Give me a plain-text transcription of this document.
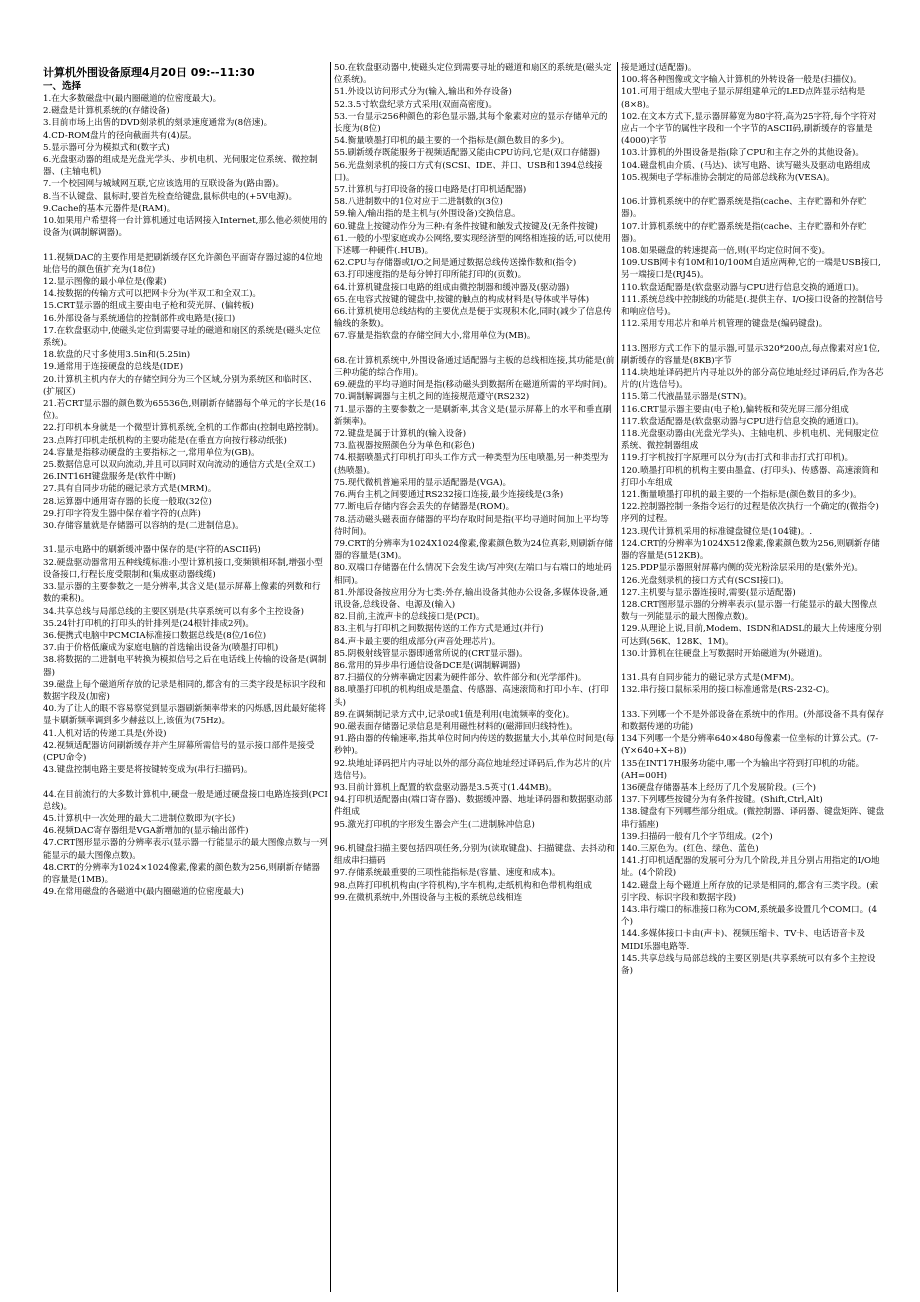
计算机外围设备原理4月20日 09:--11:30
一、选择
1.在大多数磁盘中(最内圈磁道的位密度最大)。
2.磁盘是计算机系统的(存储设备)
3.目前市场上出售的DVD刻录机的刻录速度通常为(8倍速)。
4.CD-ROM盘片的径向截面共有(4)层。
5.显示器可分为模拟式和(数字式)
6.光盘驱动器的组成是光盘光学头、步机电机、光伺服定位系统、微控制器、(主轴电机)
7.一个校园网与城域网互联,它应该选用的互联设备为(路由器)。
8.当不认键盘、鼠标时,要首先检查给键盘,鼠标供电的(+5V电源)。
9.Cache的基本元器件是(RAM)。
10.如果用户希望将一台计算机通过电话网接入Internet,那么他必须使用的设备为(调制解调器)。
11.视频DAC的主要作用是把刷新缓存区允许颜色平面寄存器过滤的4位地址信号的颜色值扩充为(18位)
12.显示图像的最小单位是(像素)
14.按数据的传输方式可以把网卡分为(半双工和全双工)。
15.CRT显示器的组成主要由电子枪和荧光屏、(偏转板)
16.外部设备与系统通信的控制部件或电路是(接口)
17.在软盘驱动中,使磁头定位到需要寻址的磁道和扇区的系统是(磁头定位系统)。
18.软盘的尺寸多使用3.5in和(5.25in)
19.通常用于连接硬盘的总线是(IDE)
20.计算机主机内存大的存储空间分为三个区域,分别为系统区和临时区、(扩展区)
21.若CRT显示器的颜色数为65536色,则刷新存储器每个单元的字长是(16位)。
22.打印机本身就是一个微型计算机系统,全机的工作都由(控制电路控制)。
23.点阵打印机走纸机构的主要功能是(在垂直方向按行移动纸张)
24.容量是指移动硬盘的主要指标之一,常用单位为(GB)。
25.数据信息可以双向流动,并且可以同时双向流动的通信方式是(全双工)
26.INT16H键盘服务是(软件中断)
27.具有自同步功能的磁记录方式是(MRM)。
28.运算器中通用寄存器的长度一般取(32位)
29.打印字符发生器中保存着字符的(点阵)
30.存储容量就是存储器可以容纳的是(二进制信息)。
31.显示电路中的刷新缓冲器中保存的是(字符的ASCII码)
32.硬盘驱动器常用五种线缆标准:小型计算机接口,变频锁相环制,增强小型设备接口,行程长度受限制和(集成驱动器线缆)
33.显示器的主要参数之一是分辨率,其含义是(显示屏幕上像素的列数和行数的乘积)。
34.共享总线与局部总线的主要区别是(共享系统可以有多个主控设备)
35.24针打印机的打印头的针排列是(24根针排成2列)。
36.便携式电脑中PCMCIA标准接口数据总线是(8位/16位)
37.由于价格低廉成为家庭电脑的首选输出设备为(喷墨打印机)
38.将数据的二进制电平转换为模拟信号之后在电话线上传输的设备是(调制器)
39.磁盘上每个磁道所存放的记录是相同的,都含有的三类字段是标识字段和数据字段及(加密)
40.为了让人的眼不容易察觉到显示器刷新频率带来的闪烁感,因此最好能将显卡刷新频率调到多少赫兹以上,该值为(75Hz)。
41.人机对话的传递工具是(外设)
42.视频适配器访问刷新缓存并产生屏幕所需信号的显示接口部件是接受(CPU命令)
43.键盘控制电路主要是将按键转变成为(串行扫描码)。
44.在目前流行的大多数计算机中,硬盘一般是通过硬盘接口电路连接到(PCI总线)。
45.计算机中一次处理的最大二进制位数即为(字长)
46.视频DAC寄存器组是VGA新增加的(显示输出部件)
47.CRT图形显示器的分辨率表示(显示器一行能显示的最大图像点数与一列能显示的最大图像点数)。
48.CRT的分辨率为1024×1024像素,像素的颜色数为256,则刷新存储器的容量是(1MB)。
49.在常用磁盘的各磁道中(最内圈磁道的位密度最大)
50.在软盘驱动器中,使磁头定位到需要寻址的磁道和扇区的系统是(磁头定位系统)。
51.外设以访问形式分为(输入,输出和外存设备)
52.3.5寸软盘纪录方式采用(双面高密度)。
53.一台显示256种颜色的彩色显示器,其每个象素对应的显示存储单元的长度为(8位)
54.衡量喷墨打印机的最主要的一个指标是(颜色数目的多少)。
55.刷新缓存既能服务于视频适配器又能由CPU访问,它是(双口存储器)
56.光盘刻录机的接口方式有(SCSI、IDE、并口、USB和1394总线接口)。
57.计算机与打印设备的接口电路是(打印机适配器)
58.八进制数中的1位对应于二进制数的(3位)
59.输入/输出指的是主机与(外围设备)交换信息。
60.键盘上按键动作分为三种:有条件按键和触发式按键及(无条件按键)
61.一般的小型家庭或办公网络,要实现经济型的网络相连接的话,可以使用下述哪一种硬件(.HUB)。
62.CPU与存储器或I/O之间是通过数据总线传送操作数和(指令)
63.打印速度指的是每分钟打印所能打印的(页数)。
64.计算机键盘接口电路的组成由微控制器和缓冲器及(驱动器)
65.在电容式按键的键盘中,按键的触点的构成材料是(导体或半导体)
66.计算机使用总线结构的主要优点是便于实现积木化,同时(减少了信息传输线的条数)。
67.容量是指软盘的存储空间大小,常用单位为(MB)。
68.在计算机系统中,外围设备通过适配器与主板的总线相连接,其功能是(前三种功能的综合作用)。
69.硬盘的平均寻道时间是指(移动磁头到数据所在磁道所需的平均时间)。
70.调制解调器与主机之间的连接规范遵守(RS232)
71.显示器的主要参数之一是刷新率,其含义是(显示屏幕上的水平和垂直刷新频率)。
72.键盘是属于计算机的(输入设备)
73.监视器按照颜色分为单色和(彩色)
74.根据喷墨式打印机打印头工作方式一种类型为压电喷墨,另一种类型为(热喷墨)。
75.现代微机普遍采用的显示适配器是(VGA)。
76.两台主机之间要通过RS232接口连接,最少连接线是(3条)
77.断电后存储内容会丢失的存储器是(ROM)。
78.活动磁头磁表面存储器的平均存取时间是指(平均寻道时间加上平均等待时间)。
79.CRT的分辨率为1024X1024像素,像素颜色数为24位真彩,则刷新存储器的容量是(3M)。
80.双端口存储器在什么情况下会发生读/写冲突(左端口与右端口的地址码相同)。
81.外部设备按应用分为七类:外存,输出设备其他办公设备,多媒体设备,通讯设备,总线设备、电源及(输入)
82.目前,主流声卡的总线接口是(PCI)。
83.主机与打印机之间数据传送的工作方式是通过(并行)
84.声卡最主要的组成部分(声音处理芯片)。
85.阴极射线管显示器即通常所说的(CRT显示器)。
86.常用的异步串行通信设备DCE是(调制解调器)
87.扫描仪的分辨率确定因素为硬件部分、软件部分和(光学部件)。
88.喷墨打印机的机构组成是墨盒、传感器、高速滚筒和打印小车、(打印头)
89.在调频制记录方式中,记录0或1值是利用(电流频率的变化)。
90.磁表面存储器记录信息是利用磁性材料的(磁滞回归线特性)。
91.路由器的传输速率,指其单位时间内传送的数据量大小,其单位时间是(每秒钟)。
92.块地址译码把片内寻址以外的部分高位地址经过译码后,作为芯片的(片选信号)。
93.目前计算机上配置的软盘驱动器是3.5英寸(1.44MB)。
94.打印机适配器由(端口寄存器)、数据缓冲器、地址译码器和数据驱动部件组成
95.激光打印机的字形发生器会产生(二进制脉冲信息)
96.机键盘扫描主要包括四项任务,分别为(读取键盘)、扫描键盘、去抖动和组成串扫描码
97.存储系统最重要的三项性能指标是(容量、速度和成本)。
98.点阵打印机机构由(字符机构),字车机构,走纸机构和色带机构组成
99.在微机系统中,外围设备与主板的系统总线相连
接是通过(适配器)。
100.将各种图像或文字输入计算机的外转设备一般是(扫描仪)。
101.可用于组成大型电子显示屏组建单元的LED点阵显示结构是(8×8)。
102.在文本方式下,显示器屏幕宽为80字符,高为25字符,每个字符对应占一个字节的属性字段和一个字节的ASCII码,刷新缓存的容量是(4000)字节
103.计算机的外围设备是指(除了CPU和主存之外的其他设备)。
104.磁盘机由介质、(马达)、读写电路、读写磁头及驱动电路组成
105.视频电子学标准协会制定的局部总线称为(VESA)。
106.计算机系统中的存贮器系统是指(cache、主存贮器和外存贮器)。
107.计算机系统中的存贮器系统是指(cache、主存贮器和外存贮器)。
108.如果磁盘的转速提高一倍,则(平均定位时间不变)。
109.USB网卡有10M和10/100M自适应两种,它的一端是USB接口,另一端接口是(RJ45)。
110.软盘适配器是(软盘驱动器与CPU进行信息交换的通道口)。
111.系统总线中控制线的功能是(.提供主存、I/O接口设备的控制信号和响应信号)。
112.采用专用芯片和单片机管理的键盘是(编码键盘)。
113.图形方式工作下的显示器,可显示320*200点,每点像素对应1位,刷新缓存的容量是(8KB)字节
114.块地址译码把片内寻址以外的部分高位地址经过译码后,作为各芯片的(片选信号)。
115.第二代液晶显示器是(STN)。
116.CRT显示器主要由(电子枪),偏转板和荧光屏三部分组成
117.软盘适配器是(软盘驱动器与CPU进行信息交换的通道口)。
118.光盘驱动器由(光盘光学头)、主轴电机、步机电机、光伺服定位系统、微控制器组成
119.打字机按打字原理可以分为(击打式和非击打式打印机)。
120.喷墨打印机的机构主要由墨盒、(打印头)、传感器、高速滚筒和打印小车组成
121.衡量喷墨打印机的最主要的一个指标是(颜色数目的多少)。
122.控制器控制一条指令运行的过程是依次执行一个确定的(微指令)序列的过程。
123.现代计算机采用的标准键盘键位是(104键)。.
124.CRT的分辨率为1024X512像素,像素颜色数为256,则刷新存储器的容量是(512KB)。
125.PDP显示器照射屏幕内侧的荧光粉涂层采用的是(紫外光)。
126.光盘刻录机的接口方式有(SCSI接口)。
127.主机要与显示器连接时,需要(显示适配器)
128.CRT图形显示器的分辨率表示(显示器一行能显示的最大图像点数与一列能显示的最大图像点数)。
129.从理论上说,目前,Modem、ISDN和ADSL的最大上传速度分别可达到(56K、128K、1M)。
130.计算机在往硬盘上写数据时开始磁道为(外磁道)。
131.具有自同步能力的磁记录方式是(MFM)。
132.串行接口鼠标采用的接口标准通常是(RS-232-C)。
133.下列哪一个不是外部设备在系统中的作用。(外部设备不具有保存和数据传递的功能)
134下列哪一个是分辨率640×480每像素一位坐标的计算公式。(7-(Y×640+X÷8))
135在INT17H服务功能中,哪一个为输出字符到打印机的功能。(AH=00H)
136硬盘存储器基本上经历了几个发展阶段。(三个)
137.下列哪些按键分为有条件按键。(Shift,Ctrl,Alt)
138.键盘有下列哪些部分组成。(微控制器、译码器、键盘矩阵、键盘串行插座)
139.扫描码一般有几个字节组成。(2个)
140.三原色为。(红色、绿色、蓝色)
141.打印机适配器的发展可分为几个阶段,并且分别占用指定的I/O地址。(4个阶段)
142.磁盘上每个磁道上所存放的记录是相同的,都含有三类字段。(索引字段、标识字段和数据字段)
143.串行端口的标准接口称为COM,系统最多设置几个COM口。(4个)
144.多媒体接口卡由(声卡)、视频压缩卡、TV卡、电话语音卡及MIDI乐器电路等.
145.共享总线与局部总线的主要区别是(共享系统可以有多个主控设备)
